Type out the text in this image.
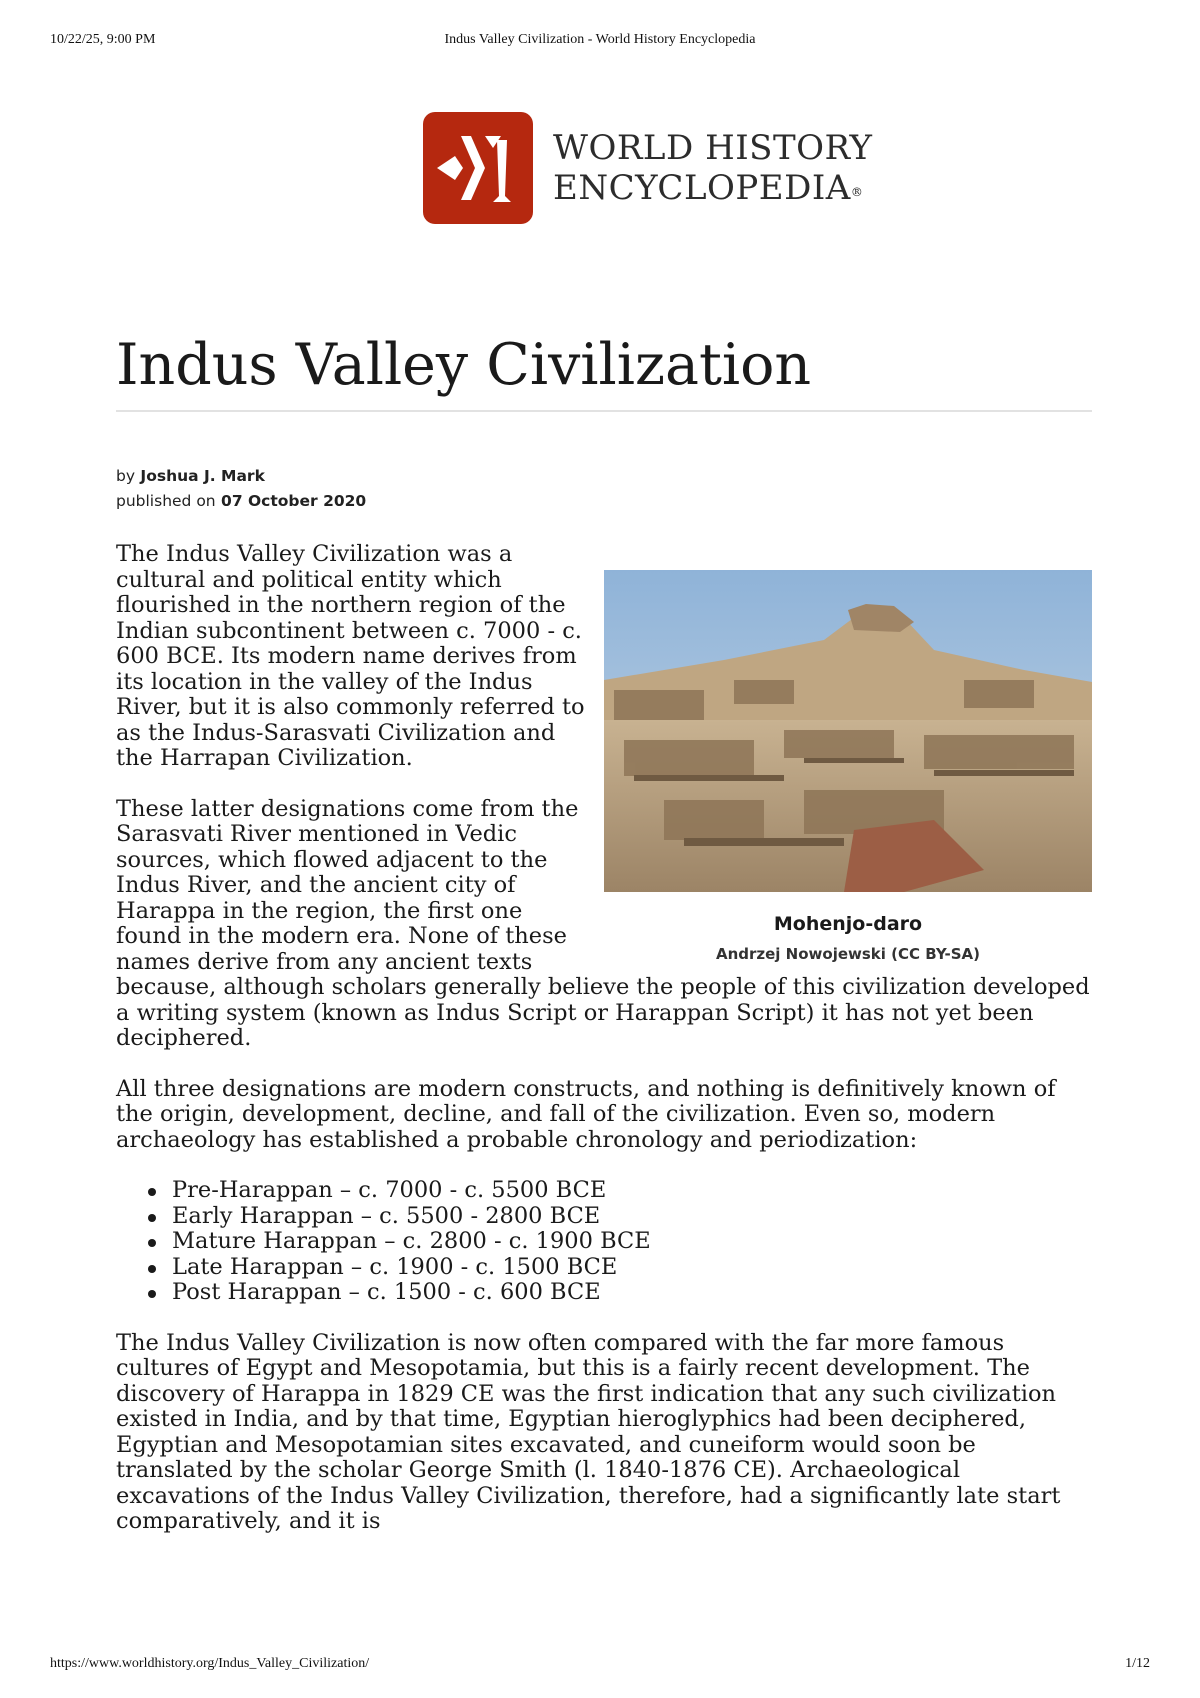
10/22/25, 9:00 PM	Indus Valley Civilization - World History Encyclopedia
WORLD HISTORY
ENCYCLOPEDIA®
Indus Valley Civilization
by Joshua J. Mark
published on 07 October 2020
Mohenjo-daro
Andrzej Nowojewski (CC BY-SA)

The Indus Valley Civilization was a cultural and political entity which flourished in the northern region of the Indian subcontinent between c. 7000 - c. 600 BCE. Its modern name derives from its location in the valley of the Indus River, but it is also commonly referred to as the Indus-Sarasvati Civilization and the Harrapan Civilization.

These latter designations come from the Sarasvati River mentioned in Vedic sources, which flowed adjacent to the Indus River, and the ancient city of Harappa in the region, the first one found in the modern era. None of these names derive from any ancient texts because, although scholars generally believe the people of this civilization developed a writing system (known as Indus Script or Harappan Script) it has not yet been deciphered.

All three designations are modern constructs, and nothing is definitively known of the origin, development, decline, and fall of the civilization. Even so, modern archaeology has established a probable chronology and periodization:

Pre-Harappan – c. 7000 - c. 5500 BCE
Early Harappan – c. 5500 - 2800 BCE
Mature Harappan – c. 2800 - c. 1900 BCE
Late Harappan – c. 1900 - c. 1500 BCE
Post Harappan – c. 1500 - c. 600 BCE

The Indus Valley Civilization is now often compared with the far more famous cultures of Egypt and Mesopotamia, but this is a fairly recent development. The discovery of Harappa in 1829 CE was the first indication that any such civilization existed in India, and by that time, Egyptian hieroglyphics had been deciphered, Egyptian and Mesopotamian sites excavated, and cuneiform would soon be translated by the scholar George Smith (l. 1840-1876 CE). Archaeological excavations of the Indus Valley Civilization, therefore, had a significantly late start comparatively, and it is

https://www.worldhistory.org/Indus_Valley_Civilization/	1/12
